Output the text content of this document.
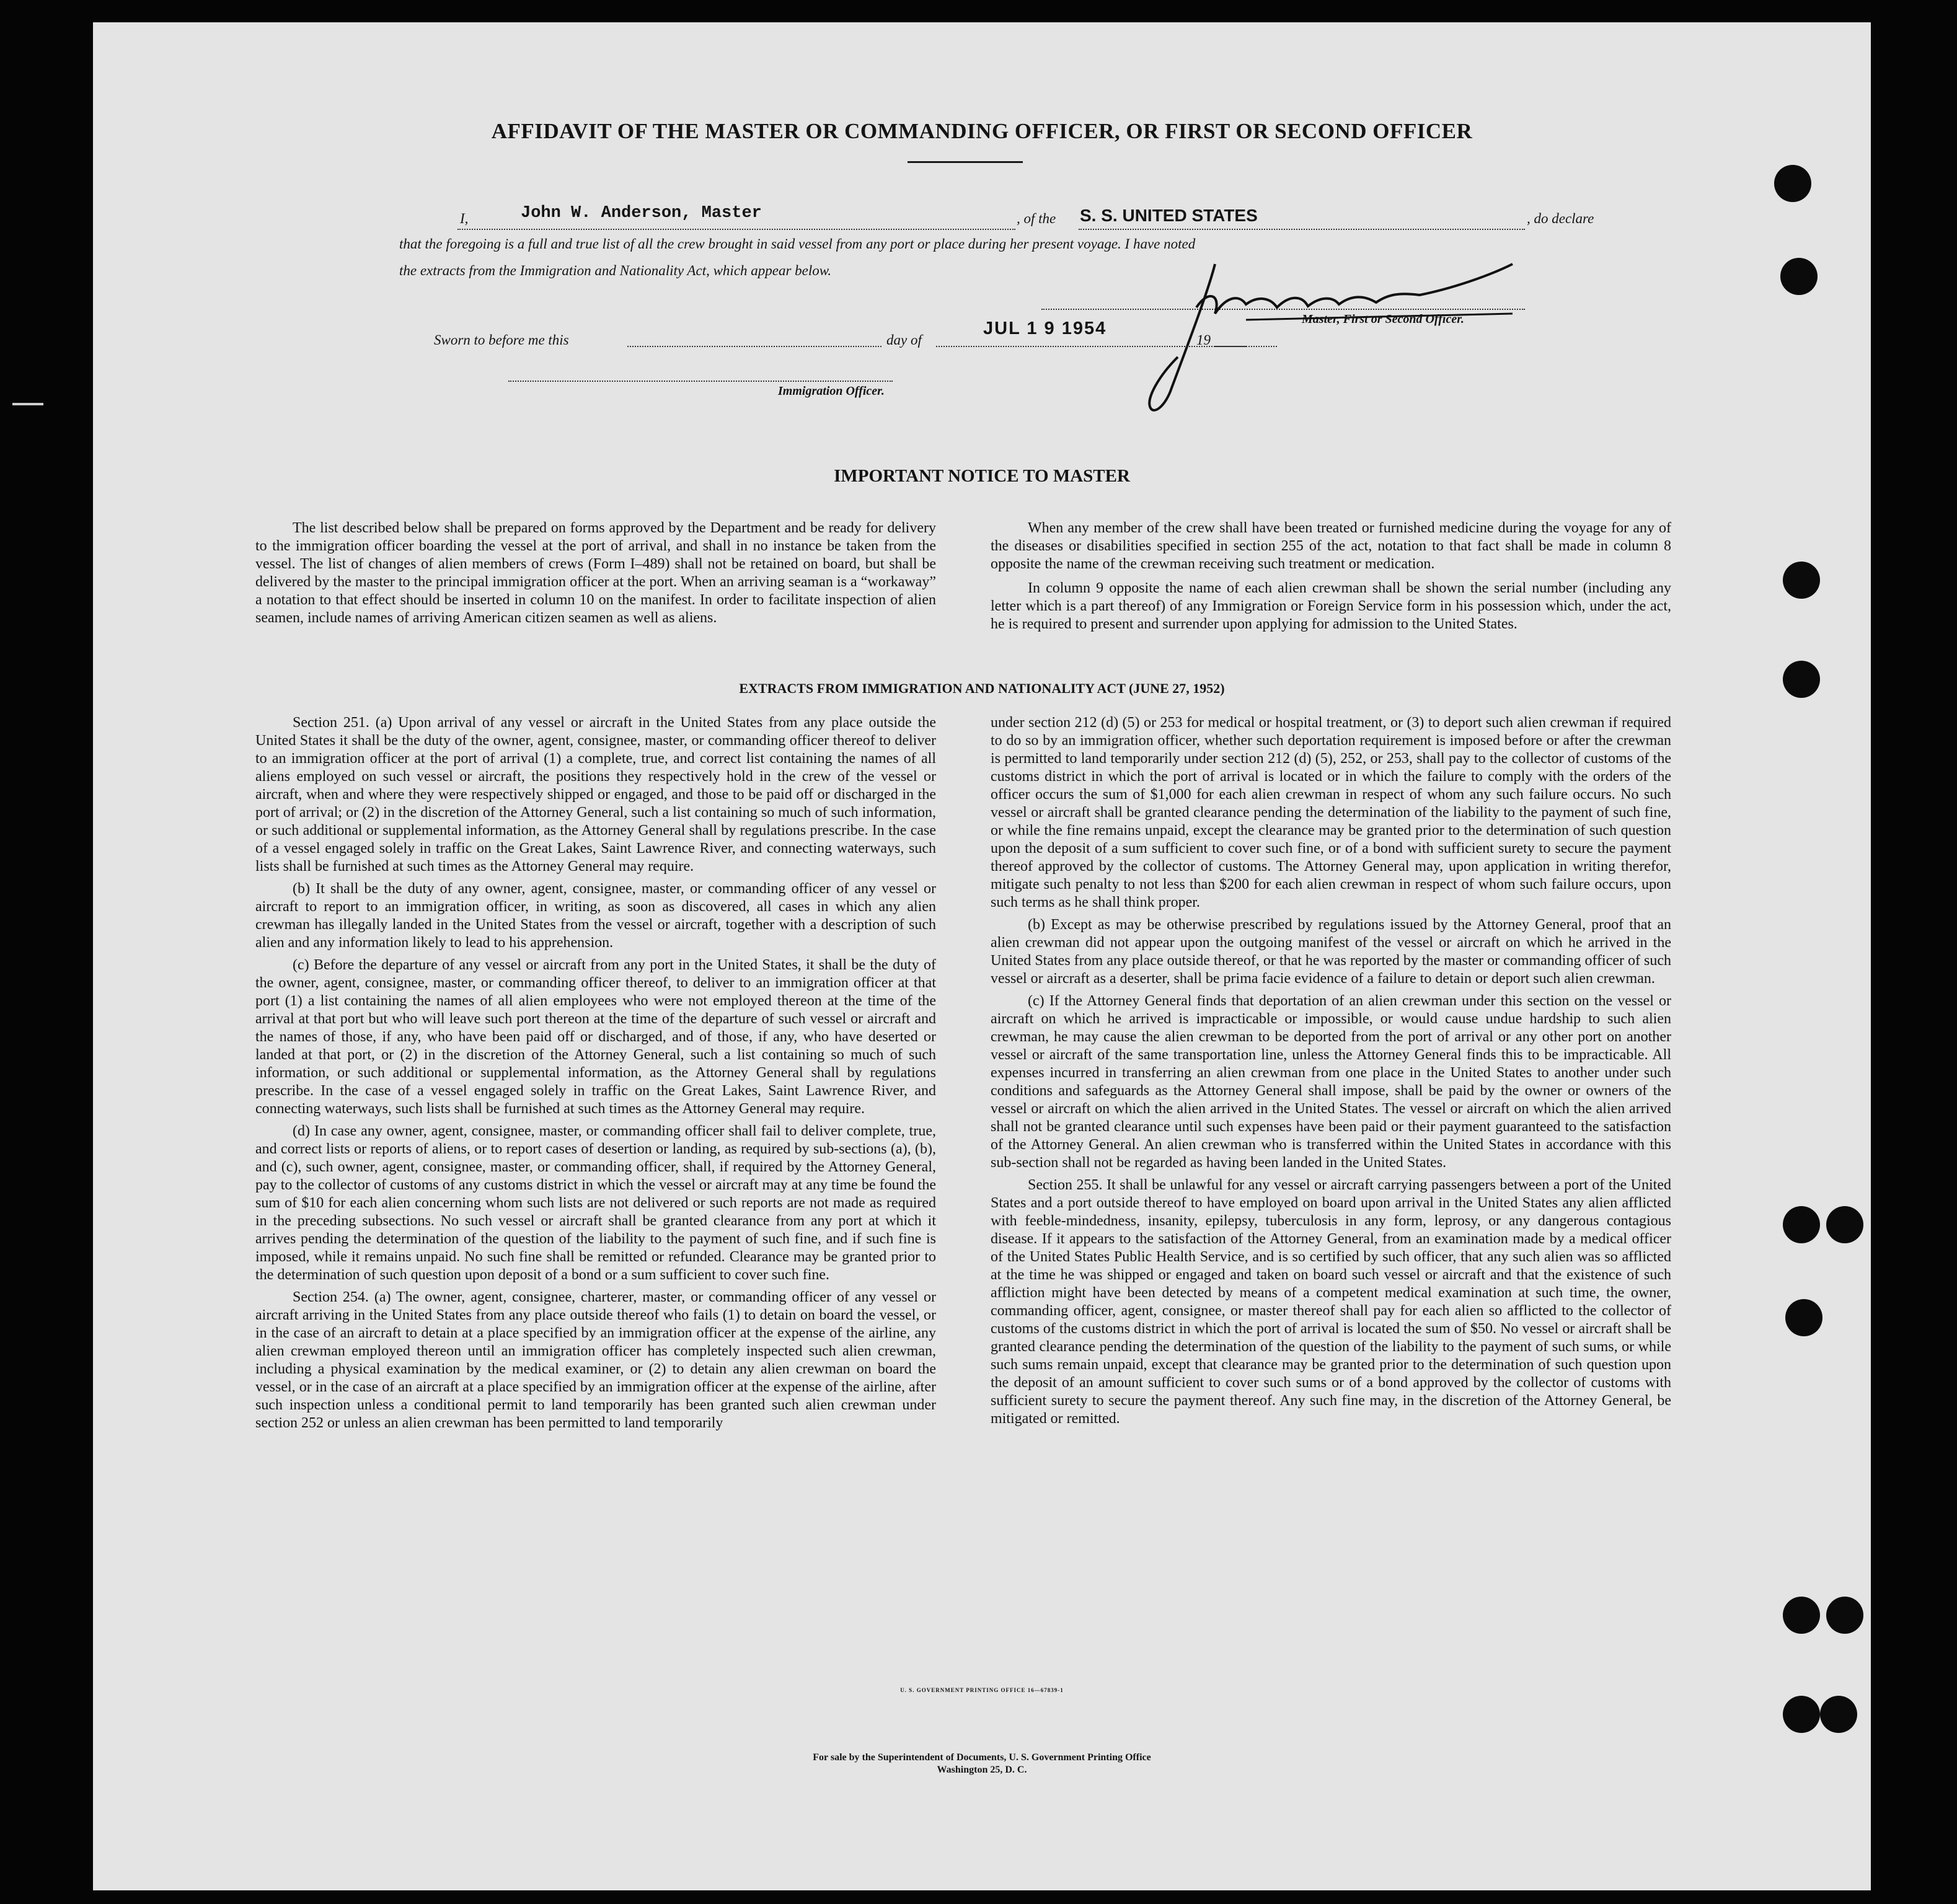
AFFIDAVIT OF THE MASTER OR COMMANDING OFFICER, OR FIRST OR SECOND OFFICER
I,	John W. Anderson, Master	, of the S. S. UNITED STATES	, do declare
that the foregoing is a full and true list of all the crew brought in said vessel from any port or place during her present voyage. I have noted
the extracts from the Immigration and Nationality Act, which appear below.
Master, First or Second Officer.
Sworn to before me this	day of
JUL 1 9 1954
19
Immigration Officer.
IMPORTANT NOTICE TO MASTER

The list described below shall be prepared on forms approved by the Department and be ready for delivery to the immigration officer boarding the vessel at the port of arrival, and shall in no instance be taken from the vessel. The list of changes of alien members of crews (Form I–489) shall not be retained on board, but shall be delivered by the master to the principal immigration officer at the port. When an arriving seaman is a “workaway” a notation to that effect should be inserted in column 10 on the manifest. In order to facilitate inspection of alien seamen, include names of arriving American citizen seamen as well as aliens.

When any member of the crew shall have been treated or furnished medicine during the voyage for any of the diseases or disabilities specified in section 255 of the act, notation to that fact shall be made in column 8 opposite the name of the crewman receiving such treatment or medication.

In column 9 opposite the name of each alien crewman shall be shown the serial number (including any letter which is a part thereof) of any Immigration or Foreign Service form in his possession which, under the act, he is required to present and surrender upon applying for admission to the United States.

EXTRACTS FROM IMMIGRATION AND NATIONALITY ACT (JUNE 27, 1952)

Section 251. (a) Upon arrival of any vessel or aircraft in the United States from any place outside the United States it shall be the duty of the owner, agent, consignee, master, or commanding officer thereof to deliver to an immigration officer at the port of arrival (1) a complete, true, and correct list containing the names of all aliens employed on such vessel or aircraft, the positions they respectively hold in the crew of the vessel or aircraft, when and where they were respectively shipped or engaged, and those to be paid off or discharged in the port of arrival; or (2) in the discretion of the Attorney General, such a list containing so much of such information, or such additional or supplemental information, as the Attorney General shall by regulations prescribe. In the case of a vessel engaged solely in traffic on the Great Lakes, Saint Lawrence River, and connecting waterways, such lists shall be furnished at such times as the Attorney General may require.

(b) It shall be the duty of any owner, agent, consignee, master, or commanding officer of any vessel or aircraft to report to an immigration officer, in writing, as soon as discovered, all cases in which any alien crewman has illegally landed in the United States from the vessel or aircraft, together with a description of such alien and any information likely to lead to his apprehension.

(c) Before the departure of any vessel or aircraft from any port in the United States, it shall be the duty of the owner, agent, consignee, master, or commanding officer thereof, to deliver to an immigration officer at that port (1) a list containing the names of all alien employees who were not employed thereon at the time of the arrival at that port but who will leave such port thereon at the time of the departure of such vessel or aircraft and the names of those, if any, who have been paid off or discharged, and of those, if any, who have deserted or landed at that port, or (2) in the discretion of the Attorney General, such a list containing so much of such information, or such additional or supplemental information, as the Attorney General shall by regulations prescribe. In the case of a vessel engaged solely in traffic on the Great Lakes, Saint Lawrence River, and connecting waterways, such lists shall be furnished at such times as the Attorney General may require.

(d) In case any owner, agent, consignee, master, or commanding officer shall fail to deliver complete, true, and correct lists or reports of aliens, or to report cases of desertion or landing, as required by sub-sections (a), (b), and (c), such owner, agent, consignee, master, or commanding officer, shall, if required by the Attorney General, pay to the collector of customs of any customs district in which the vessel or aircraft may at any time be found the sum of $10 for each alien concerning whom such lists are not delivered or such reports are not made as required in the preceding subsections. No such vessel or aircraft shall be granted clearance from any port at which it arrives pending the determination of the question of the liability to the payment of such fine, and if such fine is imposed, while it remains unpaid. No such fine shall be remitted or refunded. Clearance may be granted prior to the determination of such question upon deposit of a bond or a sum sufficient to cover such fine.

Section 254. (a) The owner, agent, consignee, charterer, master, or commanding officer of any vessel or aircraft arriving in the United States from any place outside thereof who fails (1) to detain on board the vessel, or in the case of an aircraft to detain at a place specified by an immigration officer at the expense of the airline, any alien crewman employed thereon until an immigration officer has completely inspected such alien crewman, including a physical examination by the medical examiner, or (2) to detain any alien crewman on board the vessel, or in the case of an aircraft at a place specified by an immigration officer at the expense of the airline, after such inspection unless a conditional permit to land temporarily has been granted such alien crewman under section 252 or unless an alien crewman has been permitted to land temporarily

under section 212 (d) (5) or 253 for medical or hospital treatment, or (3) to deport such alien crewman if required to do so by an immigration officer, whether such deportation requirement is imposed before or after the crewman is permitted to land temporarily under section 212 (d) (5), 252, or 253, shall pay to the collector of customs of the customs district in which the port of arrival is located or in which the failure to comply with the orders of the officer occurs the sum of $1,000 for each alien crewman in respect of whom any such failure occurs. No such vessel or aircraft shall be granted clearance pending the determination of the liability to the payment of such fine, or while the fine remains unpaid, except the clearance may be granted prior to the determination of such question upon the deposit of a sum sufficient to cover such fine, or of a bond with sufficient surety to secure the payment thereof approved by the collector of customs. The Attorney General may, upon application in writing therefor, mitigate such penalty to not less than $200 for each alien crewman in respect of whom such failure occurs, upon such terms as he shall think proper.

(b) Except as may be otherwise prescribed by regulations issued by the Attorney General, proof that an alien crewman did not appear upon the outgoing manifest of the vessel or aircraft on which he arrived in the United States from any place outside thereof, or that he was reported by the master or commanding officer of such vessel or aircraft as a deserter, shall be prima facie evidence of a failure to detain or deport such alien crewman.

(c) If the Attorney General finds that deportation of an alien crewman under this section on the vessel or aircraft on which he arrived is impracticable or impossible, or would cause undue hardship to such alien crewman, he may cause the alien crewman to be deported from the port of arrival or any other port on another vessel or aircraft of the same transportation line, unless the Attorney General finds this to be impracticable. All expenses incurred in transferring an alien crewman from one place in the United States to another under such conditions and safeguards as the Attorney General shall impose, shall be paid by the owner or owners of the vessel or aircraft on which the alien arrived in the United States. The vessel or aircraft on which the alien arrived shall not be granted clearance until such expenses have been paid or their payment guaranteed to the satisfaction of the Attorney General. An alien crewman who is transferred within the United States in accordance with this sub-section shall not be regarded as having been landed in the United States.

Section 255. It shall be unlawful for any vessel or aircraft carrying passengers between a port of the United States and a port outside thereof to have employed on board upon arrival in the United States any alien afflicted with feeble-mindedness, insanity, epilepsy, tuberculosis in any form, leprosy, or any dangerous contagious disease. If it appears to the satisfaction of the Attorney General, from an examination made by a medical officer of the United States Public Health Service, and is so certified by such officer, that any such alien was so afflicted at the time he was shipped or engaged and taken on board such vessel or aircraft and that the existence of such affliction might have been detected by means of a competent medical examination at such time, the owner, commanding officer, agent, consignee, or master thereof shall pay for each alien so afflicted to the collector of customs of the customs district in which the port of arrival is located the sum of $50. No vessel or aircraft shall be granted clearance pending the determination of the question of the liability to the payment of such sums, or while such sums remain unpaid, except that clearance may be granted prior to the determination of such question upon the deposit of an amount sufficient to cover such sums or of a bond approved by the collector of customs with sufficient surety to secure the payment thereof. Any such fine may, in the discretion of the Attorney General, be mitigated or remitted.

U. S. GOVERNMENT PRINTING OFFICE 16—67839-1
For sale by the Superintendent of Documents, U. S. Government Printing Office
Washington 25, D. C.
